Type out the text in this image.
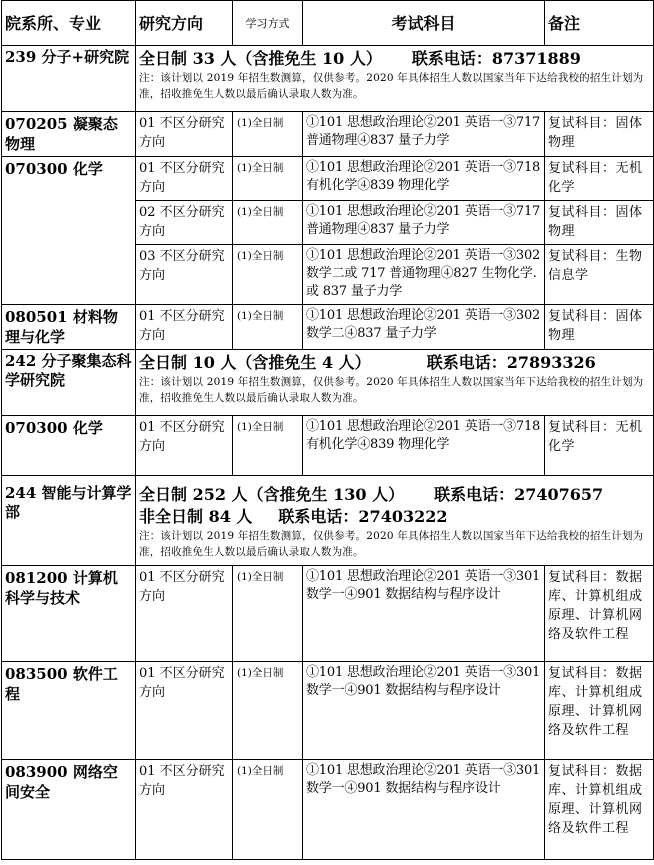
院系所、专业	研究方向	学习方式	考试科目	备注
239 分子+研究院	全日制 33 人（含推免生 10 人） 联系电话：87371889
注：该计划以 2019 年招生数测算，仅供参考。2020 年具体招生人数以国家当年下达给我校的招生计划为准，招收推免生人数以最后确认录取人数为准。			

070205 凝聚态物理	01 不区分研究方向	(1)全日制	①101 思想政治理论②201 英语一③717 普通物理④837 量子力学	复试科目：固体物理
070300 化学	01 不区分研究方向	(1)全日制	①101 思想政治理论②201 英语一③718 有机化学④839 物理化学	复试科目：无机化学
	02 不区分研究方向	(1)全日制	①101 思想政治理论②201 英语一③717 普通物理④837 量子力学	复试科目：固体物理
	03 不区分研究方向	(1)全日制	①101 思想政治理论②201 英语一③302 数学二或 717 普通物理④827 生物化学.或 837 量子力学	复试科目：生物信息学
080501 材料物理与化学	01 不区分研究方向	(1)全日制	①101 思想政治理论②201 英语一③302 数学二④837 量子力学	复试科目：固体物理
242 分子聚集态科学研究院	全日制 10 人（含推免生 4 人） 联系电话：27893326
注：该计划以 2019 年招生数测算，仅供参考。2020 年具体招生人数以国家当年下达给我校的招生计划为准，招收推免生人数以最后确认录取人数为准。			

070300 化学	01 不区分研究方向	(1)全日制	①101 思想政治理论②201 英语一③718 有机化学④839 物理化学	复试科目：无机化学
244 智能与计算学部	全日制 252 人（含推免生 130 人） 联系电话：27407657
非全日制 84 人 联系电话：27403222
注：该计划以 2019 年招生数测算，仅供参考。2020 年具体招生人数以国家当年下达给我校的招生计划为准，招收推免生人数以最后确认录取人数为准。			

081200 计算机科学与技术	01 不区分研究方向	(1)全日制	①101 思想政治理论②201 英语一③301 数学一④901 数据结构与程序设计	复试科目：数据库、计算机组成原理、计算机网络及软件工程
083500 软件工程	01 不区分研究方向	(1)全日制	①101 思想政治理论②201 英语一③301 数学一④901 数据结构与程序设计	复试科目：数据库、计算机组成原理、计算机网络及软件工程
083900 网络空间安全	01 不区分研究方向	(1)全日制	①101 思想政治理论②201 英语一③301 数学一④901 数据结构与程序设计	复试科目：数据库、计算机组成原理、计算机网络及软件工程
